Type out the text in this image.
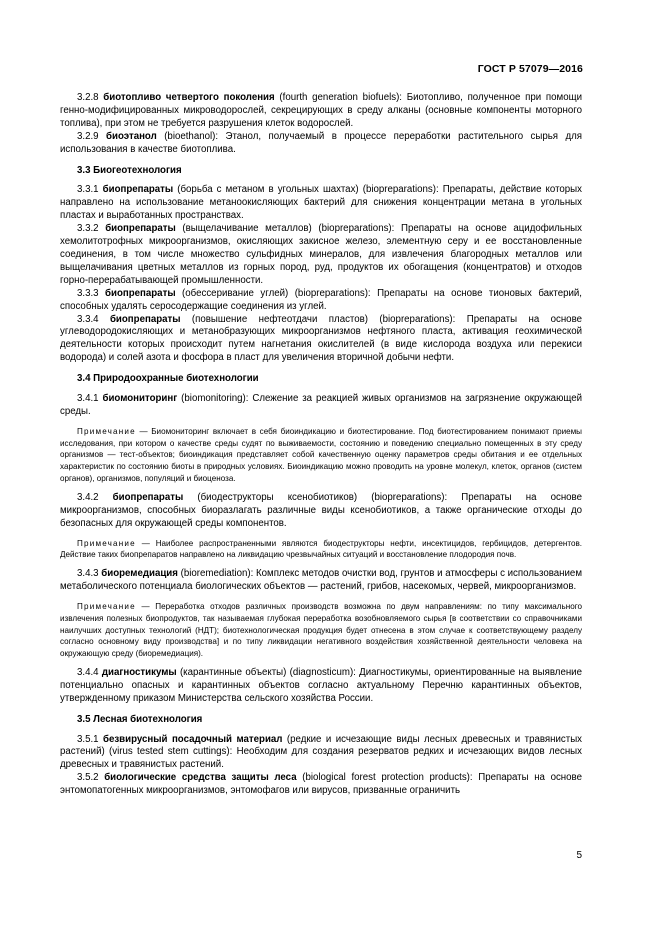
ГОСТ Р 57079—2016

3.2.8 биотопливо четвертого поколения (fourth generation biofuels): Биотопливо, полученное при помощи генно-модифицированных микроводорослей, секрецирующих в среду алканы (основные компоненты моторного топлива), при этом не требуется разрушения клеток водорослей.

3.2.9 биоэтанол (bioethanol): Этанол, получаемый в процессе переработки растительного сырья для использования в качестве биотоплива.

3.3 Биогеотехнология

3.3.1 биопрепараты (борьба с метаном в угольных шахтах) (biopreparations): Препараты, действие которых направлено на использование метаноокисляющих бактерий для снижения концентрации метана в угольных пластах и выработанных пространствах.

3.3.2 биопрепараты (выщелачивание металлов) (biopreparations): Препараты на основе ацидофильных хемолитотрофных микроорганизмов, окисляющих закисное железо, элементную серу и ее восстановленные соединения, в том числе множество сульфидных минералов, для извлечения благородных металлов или выщелачивания цветных металлов из горных пород, руд, продуктов их обогащения (концентратов) и отходов горно-перерабатывающей промышленности.

3.3.3 биопрепараты (обессеривание углей) (biopreparations): Препараты на основе тионовых бактерий, способных удалять серосодержащие соединения из углей.

3.3.4 биопрепараты (повышение нефтеотдачи пластов) (biopreparations): Препараты на основе углеводородокисляющих и метанобразующих микроорганизмов нефтяного пласта, активация геохимической деятельности которых происходит путем нагнетания окислителей (в виде кислорода воздуха или перекиси водорода) и солей азота и фосфора в пласт для увеличения вторичной добычи нефти.

3.4 Природоохранные биотехнологии

3.4.1 биомониторинг (biomonitoring): Слежение за реакцией живых организмов на загрязнение окружающей среды.

Примечание — Биомониторинг включает в себя биоиндикацию и биотестирование. Под биотестированием понимают приемы исследования, при котором о качестве среды судят по выживаемости, состоянию и поведению специально помещенных в эту среду организмов — тест-объектов; биоиндикация представляет собой качественную оценку параметров среды обитания и ее отдельных характеристик по состоянию биоты в природных условиях. Биоиндикацию можно проводить на уровне молекул, клеток, органов (систем органов), организмов, популяций и биоценоза.

3.4.2 биопрепараты (биодеструкторы ксенобиотиков) (biopreparations): Препараты на основе микроорганизмов, способных биоразлагать различные виды ксенобиотиков, а также органические отходы до безопасных для окружающей среды компонентов.

Примечание — Наиболее распространенными являются биодеструкторы нефти, инсектицидов, гербицидов, детергентов. Действие таких биопрепаратов направлено на ликвидацию чрезвычайных ситуаций и восстановление плодородия почв.

3.4.3 биоремедиация (bioremediation): Комплекс методов очистки вод, грунтов и атмосферы с использованием метаболического потенциала биологических объектов — растений, грибов, насекомых, червей, микроорганизмов.

Примечание — Переработка отходов различных производств возможна по двум направлениям: по типу максимального извлечения полезных биопродуктов, так называемая глубокая переработка возобновляемого сырья [в соответствии со справочниками наилучших доступных технологий (НДТ); биотехнологическая продукция будет отнесена в этом случае к соответствующему разделу согласно основному виду производства] и по типу ликвидации негативного воздействия хозяйственной деятельности человека на окружающую среду (биоремедиация).

3.4.4 диагностикумы (карантинные объекты) (diagnosticum): Диагностикумы, ориентированные на выявление потенциально опасных и карантинных объектов согласно актуальному Перечню карантинных объектов, утвержденному приказом Министерства сельского хозяйства России.

3.5 Лесная биотехнология

3.5.1 безвирусный посадочный материал (редкие и исчезающие виды лесных древесных и травянистых растений) (virus tested stem cuttings): Необходим для создания резерватов редких и исчезающих видов лесных древесных и травянистых растений.

3.5.2 биологические средства защиты леса (biological forest protection products): Препараты на основе энтомопатогенных микроорганизмов, энтомофагов или вирусов, призванные ограничить

5
